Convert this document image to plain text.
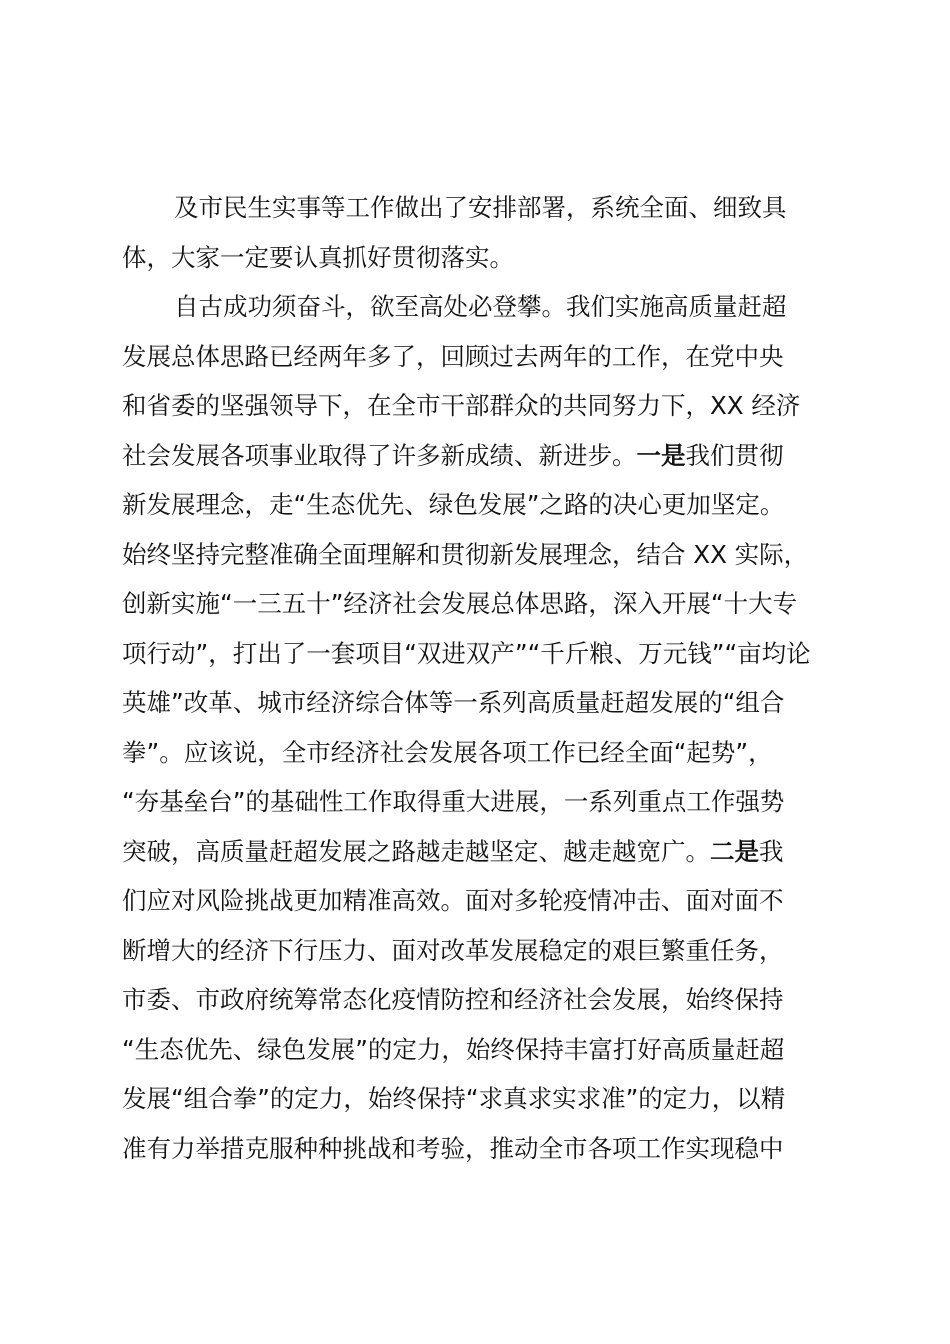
及市民生实事等工作做出了安排部署，系统全面、细致具
体，大家一定要认真抓好贯彻落实。
自古成功须奋斗，欲至高处必登攀。我们实施高质量赶超
发展总体思路已经两年多了，回顾过去两年的工作，在党中央
和省委的坚强领导下，在全市干部群众的共同努力下，XX 经济
社会发展各项事业取得了许多新成绩、新进步。一是我们贯彻
新发展理念，走“生态优先、绿色发展”之路的决心更加坚定。
始终坚持完整准确全面理解和贯彻新发展理念，结合 XX 实际，
创新实施“一三五十”经济社会发展总体思路，深入开展“十大专
项行动”，打出了一套项目“双进双产”“千斤粮、万元钱”“亩均论
英雄”改革、城市经济综合体等一系列高质量赶超发展的“组合
拳”。应该说，全市经济社会发展各项工作已经全面“起势”，
“夯基垒台”的基础性工作取得重大进展，一系列重点工作强势
突破，高质量赶超发展之路越走越坚定、越走越宽广。二是我
们应对风险挑战更加精准高效。面对多轮疫情冲击、面对面不
断增大的经济下行压力、面对改革发展稳定的艰巨繁重任务，
市委、市政府统筹常态化疫情防控和经济社会发展，始终保持
“生态优先、绿色发展”的定力，始终保持丰富打好高质量赶超
发展“组合拳”的定力，始终保持“求真求实求准”的定力，以精
准有力举措克服种种挑战和考验，推动全市各项工作实现稳中
